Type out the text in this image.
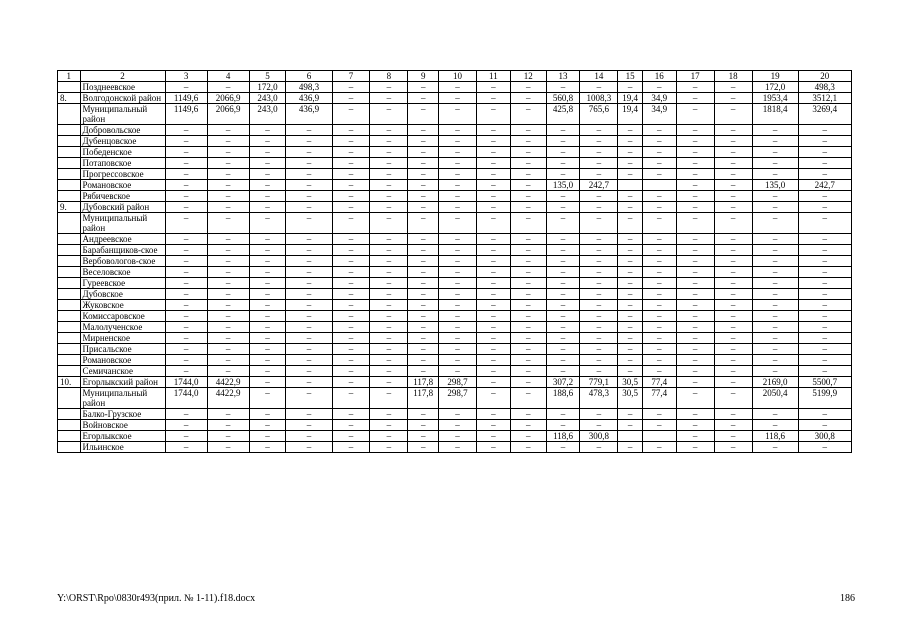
1	2	3	4	5	6	7	8	9	10	11	12	13	14	15	16	17	18	19	20
	Позднеевское	–	–	172,0	498,3	–	–	–	–	–	–	–	–	–	–	–	–	172,0	498,3
8.	Волгодонской район	1149,6	2066,9	243,0	436,9	–	–	–	–	–	–	560,8	1008,3	19,4	34,9	–	–	1953,4	3512,1
	Муниципальный район	1149,6	2066,9	243,0	436,9	–	–	–	–	–	–	425,8	765,6	19,4	34,9	–	–	1818,4	3269,4
	Добровольское	–	–	–	–	–	–	–	–	–	–	–	–	–	–	–	–	–	–
	Дубенцовское	–	–	–	–	–	–	–	–	–	–	–	–	–	–	–	–	–	–
	Победенское	–	–	–	–	–	–	–	–	–	–	–	–	–	–	–	–	–	–
	Потаповское	–	–	–	–	–	–	–	–	–	–	–	–	–	–	–	–	–	–
	Прогрессовское	–	–	–	–	–	–	–	–	–	–	–	–	–	–	–	–	–	–
	Романовское	–	–	–	–	–	–	–	–	–	–	135,0	242,7			–	–	135,0	242,7
	Рябичевское	–	–	–	–	–	–	–	–	–	–	–	–	–	–	–	–	–	–
9.	Дубовский район	–	–	–	–	–	–	–	–	–	–	–	–	–	–	–	–	–	–
	Муниципальный район	–	–	–	–	–	–	–	–	–	–	–	–	–	–	–	–	–	–
	Андреевское	–	–	–	–	–	–	–	–	–	–	–	–	–	–	–	–	–	–
	Барабанщиков-ское	–	–	–	–	–	–	–	–	–	–	–	–	–	–	–	–	–	–
	Вербовологов-ское	–	–	–	–	–	–	–	–	–	–	–	–	–	–	–	–	–	–
	Веселовское	–	–	–	–	–	–	–	–	–	–	–	–	–	–	–	–	–	–
	Гуреевское	–	–	–	–	–	–	–	–	–	–	–	–	–	–	–	–	–	–
	Дубовское	–	–	–	–	–	–	–	–	–	–	–	–	–	–	–	–	–	–
	Жуковское	–	–	–	–	–	–	–	–	–	–	–	–	–	–	–	–	–	–
	Комиссаровское	–	–	–	–	–	–	–	–	–	–	–	–	–	–	–	–	–	–
	Малолученское	–	–	–	–	–	–	–	–	–	–	–	–	–	–	–	–	–	–
	Мирненское	–	–	–	–	–	–	–	–	–	–	–	–	–	–	–	–	–	–
	Присальское	–	–	–	–	–	–	–	–	–	–	–	–	–	–	–	–	–	–
	Романовское	–	–	–	–	–	–	–	–	–	–	–	–	–	–	–	–	–	–
	Семичанское	–	–	–	–	–	–	–	–	–	–	–	–	–	–	–	–	–	–
10.	Егорлыкский район	1744,0	4422,9	–	–	–	–	117,8	298,7	–	–	307,2	779,1	30,5	77,4	–	–	2169,0	5500,7
	Муниципальный район	1744,0	4422,9	–	–	–	–	117,8	298,7	–	–	188,6	478,3	30,5	77,4	–	–	2050,4	5199,9
	Балко-Грузское	–	–	–	–	–	–	–	–	–	–	–	–	–	–	–	–	–	–
	Войновское	–	–	–	–	–	–	–	–	–	–	–	–	–	–	–	–	–	–
	Егорлыкское	–	–	–	–	–	–	–	–	–	–	118,6	300,8			–	–	118,6	300,8
	Ильинское	–	–	–	–	–	–	–	–	–	–	–	–	–	–	–	–	–	–
Y:\ORST\Rpo\0830r493(прил. № 1-11).f18.docx	186
